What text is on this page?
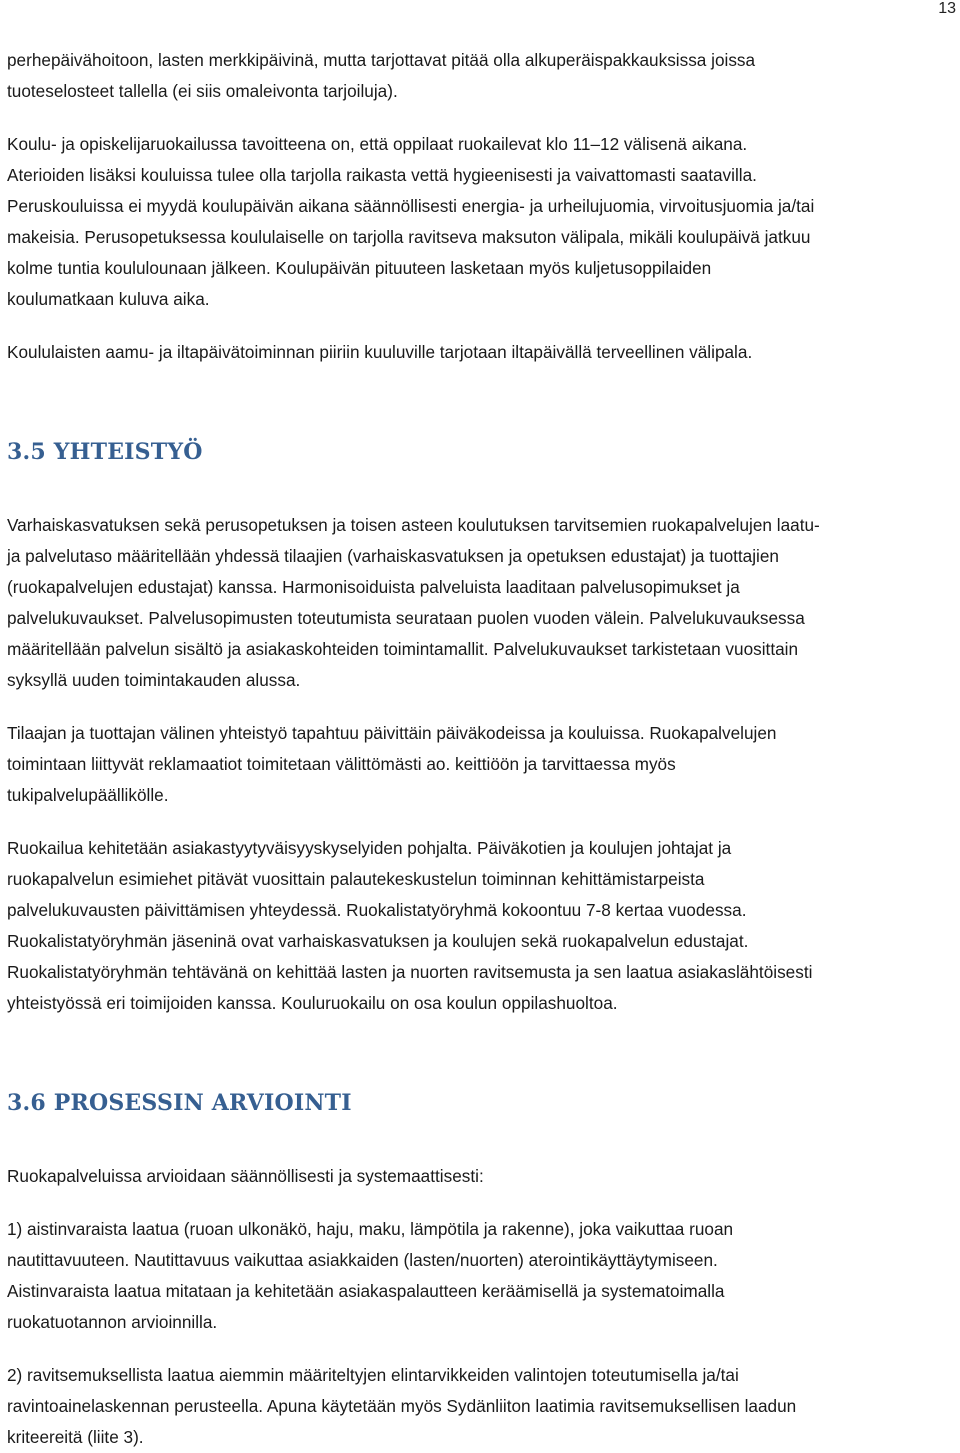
13

perhepäivähoitoon, lasten merkkipäivinä, mutta tarjottavat pitää olla alkuperäispakkauksissa joissa
tuoteselosteet tallella (ei siis omaleivonta tarjoiluja).

Koulu- ja opiskelijaruokailussa tavoitteena on, että oppilaat ruokailevat klo 11–12 välisenä aikana.
Aterioiden lisäksi kouluissa tulee olla tarjolla raikasta vettä hygieenisesti ja vaivattomasti saatavilla.
Peruskouluissa ei myydä koulupäivän aikana säännöllisesti energia- ja urheilujuomia, virvoitusjuomia ja/tai
makeisia. Perusopetuksessa koululaiselle on tarjolla ravitseva maksuton välipala, mikäli koulupäivä jatkuu
kolme tuntia koululounaan jälkeen. Koulupäivän pituuteen lasketaan myös kuljetusoppilaiden
koulumatkaan kuluva aika.

Koululaisten aamu- ja iltapäivätoiminnan piiriin kuuluville tarjotaan iltapäivällä terveellinen välipala.

3.5 YHTEISTYÖ

Varhaiskasvatuksen sekä perusopetuksen ja toisen asteen koulutuksen tarvitsemien ruokapalvelujen laatu-
ja palvelutaso määritellään yhdessä tilaajien (varhaiskasvatuksen ja opetuksen edustajat) ja tuottajien
(ruokapalvelujen edustajat) kanssa. Harmonisoiduista palveluista laaditaan palvelusopimukset ja
palvelukuvaukset. Palvelusopimusten toteutumista seurataan puolen vuoden välein. Palvelukuvauksessa
määritellään palvelun sisältö ja asiakaskohteiden toimintamallit. Palvelukuvaukset tarkistetaan vuosittain
syksyllä uuden toimintakauden alussa.

Tilaajan ja tuottajan välinen yhteistyö tapahtuu päivittäin päiväkodeissa ja kouluissa. Ruokapalvelujen
toimintaan liittyvät reklamaatiot toimitetaan välittömästi ao. keittiöön ja tarvittaessa myös
tukipalvelupäällikölle.

Ruokailua kehitetään asiakastyytyväisyyskyselyiden pohjalta. Päiväkotien ja koulujen johtajat ja
ruokapalvelun esimiehet pitävät vuosittain palautekeskustelun toiminnan kehittämistarpeista
palvelukuvausten päivittämisen yhteydessä. Ruokalistatyöryhmä kokoontuu 7-8 kertaa vuodessa.
Ruokalistatyöryhmän jäseninä ovat varhaiskasvatuksen ja koulujen sekä ruokapalvelun edustajat.
Ruokalistatyöryhmän tehtävänä on kehittää lasten ja nuorten ravitsemusta ja sen laatua asiakaslähtöisesti
yhteistyössä eri toimijoiden kanssa. Kouluruokailu on osa koulun oppilashuoltoa.

3.6 PROSESSIN ARVIOINTI

Ruokapalveluissa arvioidaan säännöllisesti ja systemaattisesti:

1) aistinvaraista laatua (ruoan ulkonäkö, haju, maku, lämpötila ja rakenne), joka vaikuttaa ruoan
nautittavuuteen. Nautittavuus vaikuttaa asiakkaiden (lasten/nuorten) aterointikäyttäytymiseen.
Aistinvaraista laatua mitataan ja kehitetään asiakaspalautteen keräämisellä ja systematoimalla
ruokatuotannon arvioinnilla.

2) ravitsemuksellista laatua aiemmin määriteltyjen elintarvikkeiden valintojen toteutumisella ja/tai
ravintoainelaskennan perusteella. Apuna käytetään myös Sydänliiton laatimia ravitsemuksellisen laadun
kriteereitä (liite 3).
